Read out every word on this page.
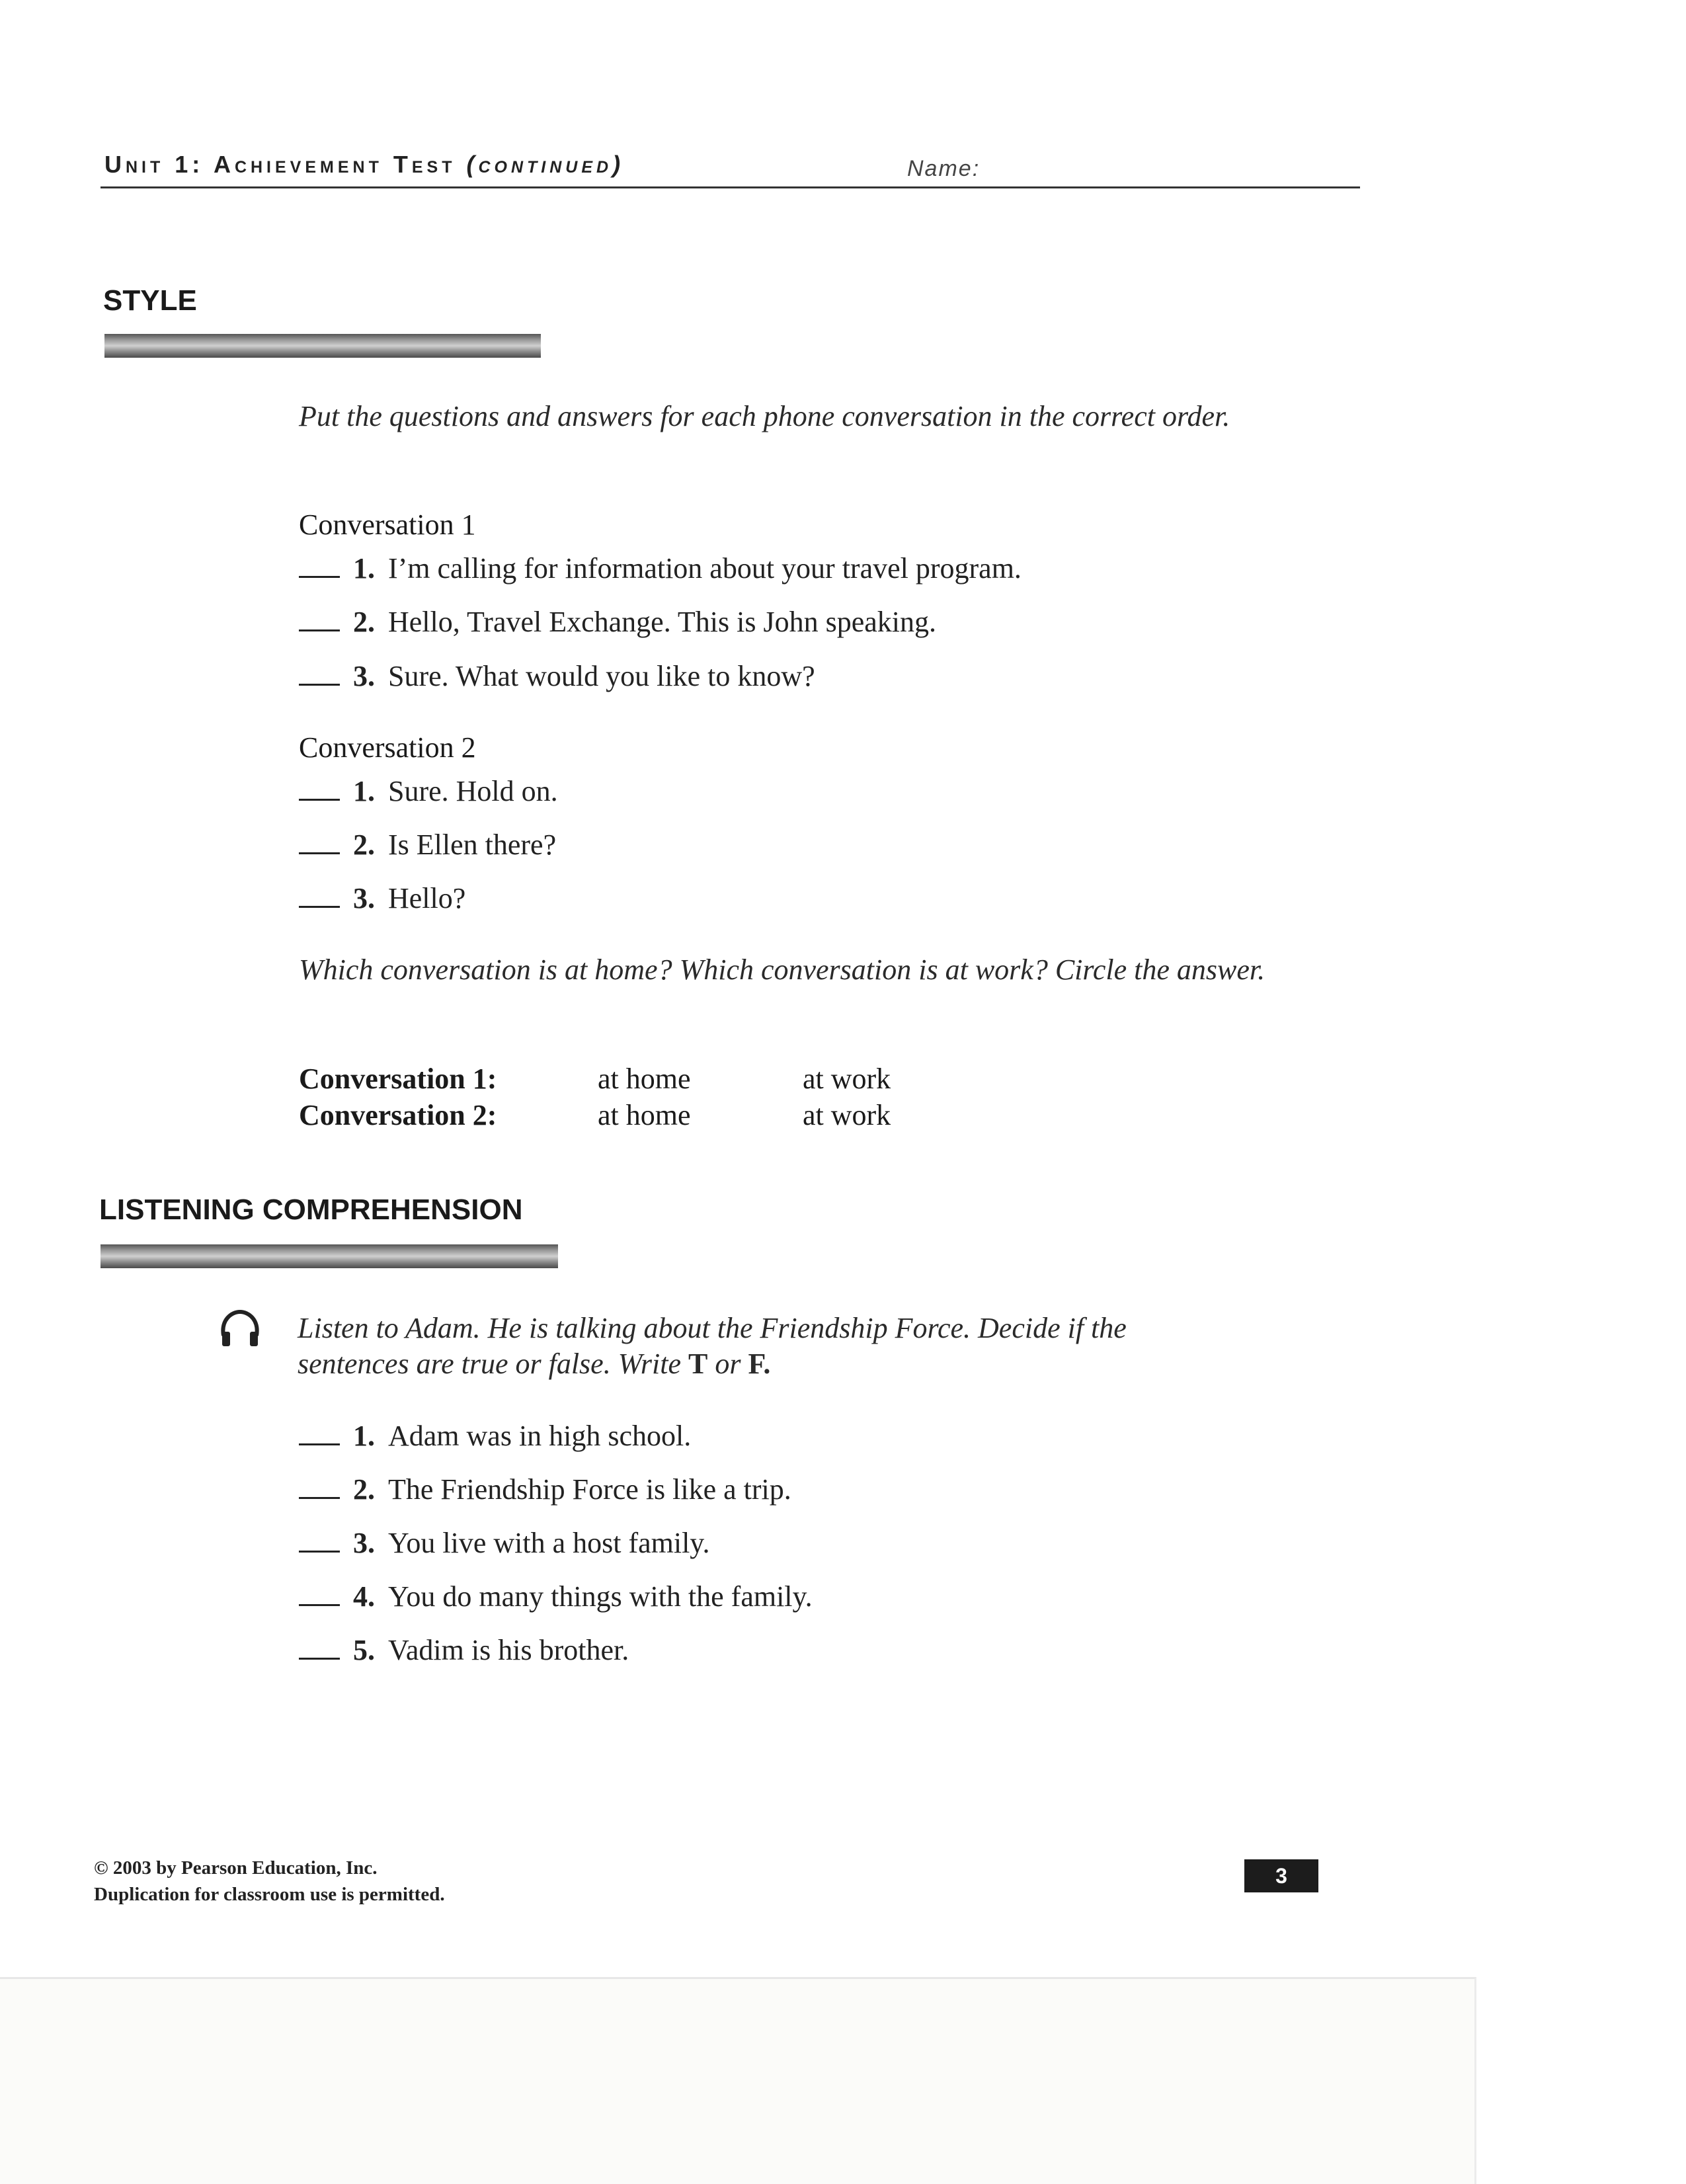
Unit 1: Achievement Test (continued)	Name:
STYLE
Put the questions and answers for each phone conversation in the correct order.
Conversation 1
1. I’m calling for information about your travel program.
2. Hello, Travel Exchange. This is John speaking.
3. Sure. What would you like to know?
Conversation 2
1. Sure. Hold on.
2. Is Ellen there?
3. Hello?
Which conversation is at home? Which conversation is at work? Circle the answer.
Conversation 1:	at home	at work
Conversation 2:	at home	at work
LISTENING COMPREHENSION
Listen to Adam. He is talking about the Friendship Force. Decide if the
sentences are true or false. Write T or F.
1. Adam was in high school.
2. The Friendship Force is like a trip.
3. You live with a host family.
4. You do many things with the family.
5. Vadim is his brother.
© 2003 by Pearson Education, Inc.
Duplication for classroom use is permitted.
3
